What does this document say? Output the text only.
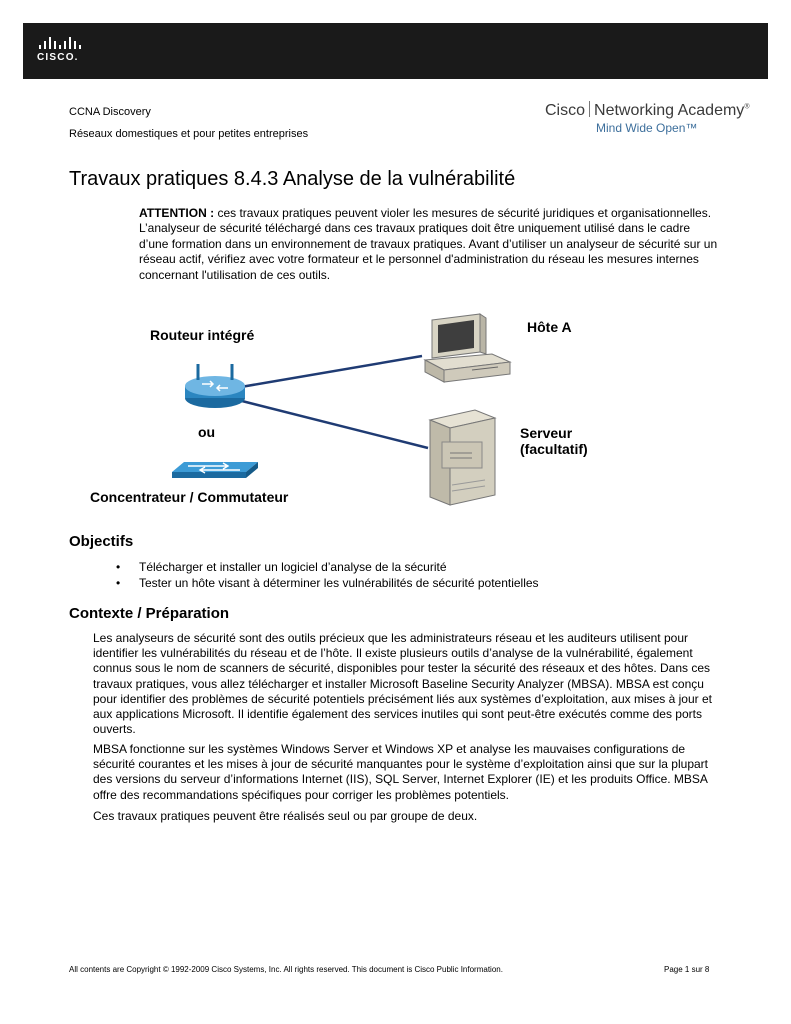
CISCO.
CCNA Discovery
Réseaux domestiques et pour petites entreprises
Cisco Networking Academy®
Mind Wide Open™
Travaux pratiques 8.4.3 Analyse de la vulnérabilité

ATTENTION : ces travaux pratiques peuvent violer les mesures de sécurité juridiques et organisationnelles. L’analyseur de sécurité téléchargé dans ces travaux pratiques doit être uniquement utilisé dans le cadre d’une formation dans un environnement de travaux pratiques. Avant d’utiliser un analyseur de sécurité sur un réseau actif, vérifiez avec votre formateur et le personnel d'administration du réseau les mesures internes concernant l'utilisation de ces outils.

Routeur intégré
ou
Concentrateur / Commutateur
Hôte A
Serveur
(facultatif)
Objectifs
• Télécharger et installer un logiciel d’analyse de la sécurité
• Tester un hôte visant à déterminer les vulnérabilités de sécurité potentielles
Contexte / Préparation

Les analyseurs de sécurité sont des outils précieux que les administrateurs réseau et les auditeurs utilisent pour identifier les vulnérabilités du réseau et de l’hôte. Il existe plusieurs outils d’analyse de la vulnérabilité, également connus sous le nom de scanners de sécurité, disponibles pour tester la sécurité des réseaux et des hôtes. Dans ces travaux pratiques, vous allez télécharger et installer Microsoft Baseline Security Analyzer (MBSA). MBSA est conçu pour identifier des problèmes de sécurité potentiels précisément liés aux systèmes d’exploitation, aux mises à jour et aux applications Microsoft. Il identifie également des services inutiles qui sont peut-être exécutés comme des ports ouverts.

MBSA fonctionne sur les systèmes Windows Server et Windows XP et analyse les mauvaises configurations de sécurité courantes et les mises à jour de sécurité manquantes pour le système d’exploitation ainsi que sur la plupart des versions du serveur d’informations Internet (IIS), SQL Server, Internet Explorer (IE) et les produits Office. MBSA offre des recommandations spécifiques pour corriger les problèmes potentiels.

Ces travaux pratiques peuvent être réalisés seul ou par groupe de deux.

All contents are Copyright © 1992-2009 Cisco Systems, Inc. All rights reserved. This document is Cisco Public Information.	Page 1 sur 8
